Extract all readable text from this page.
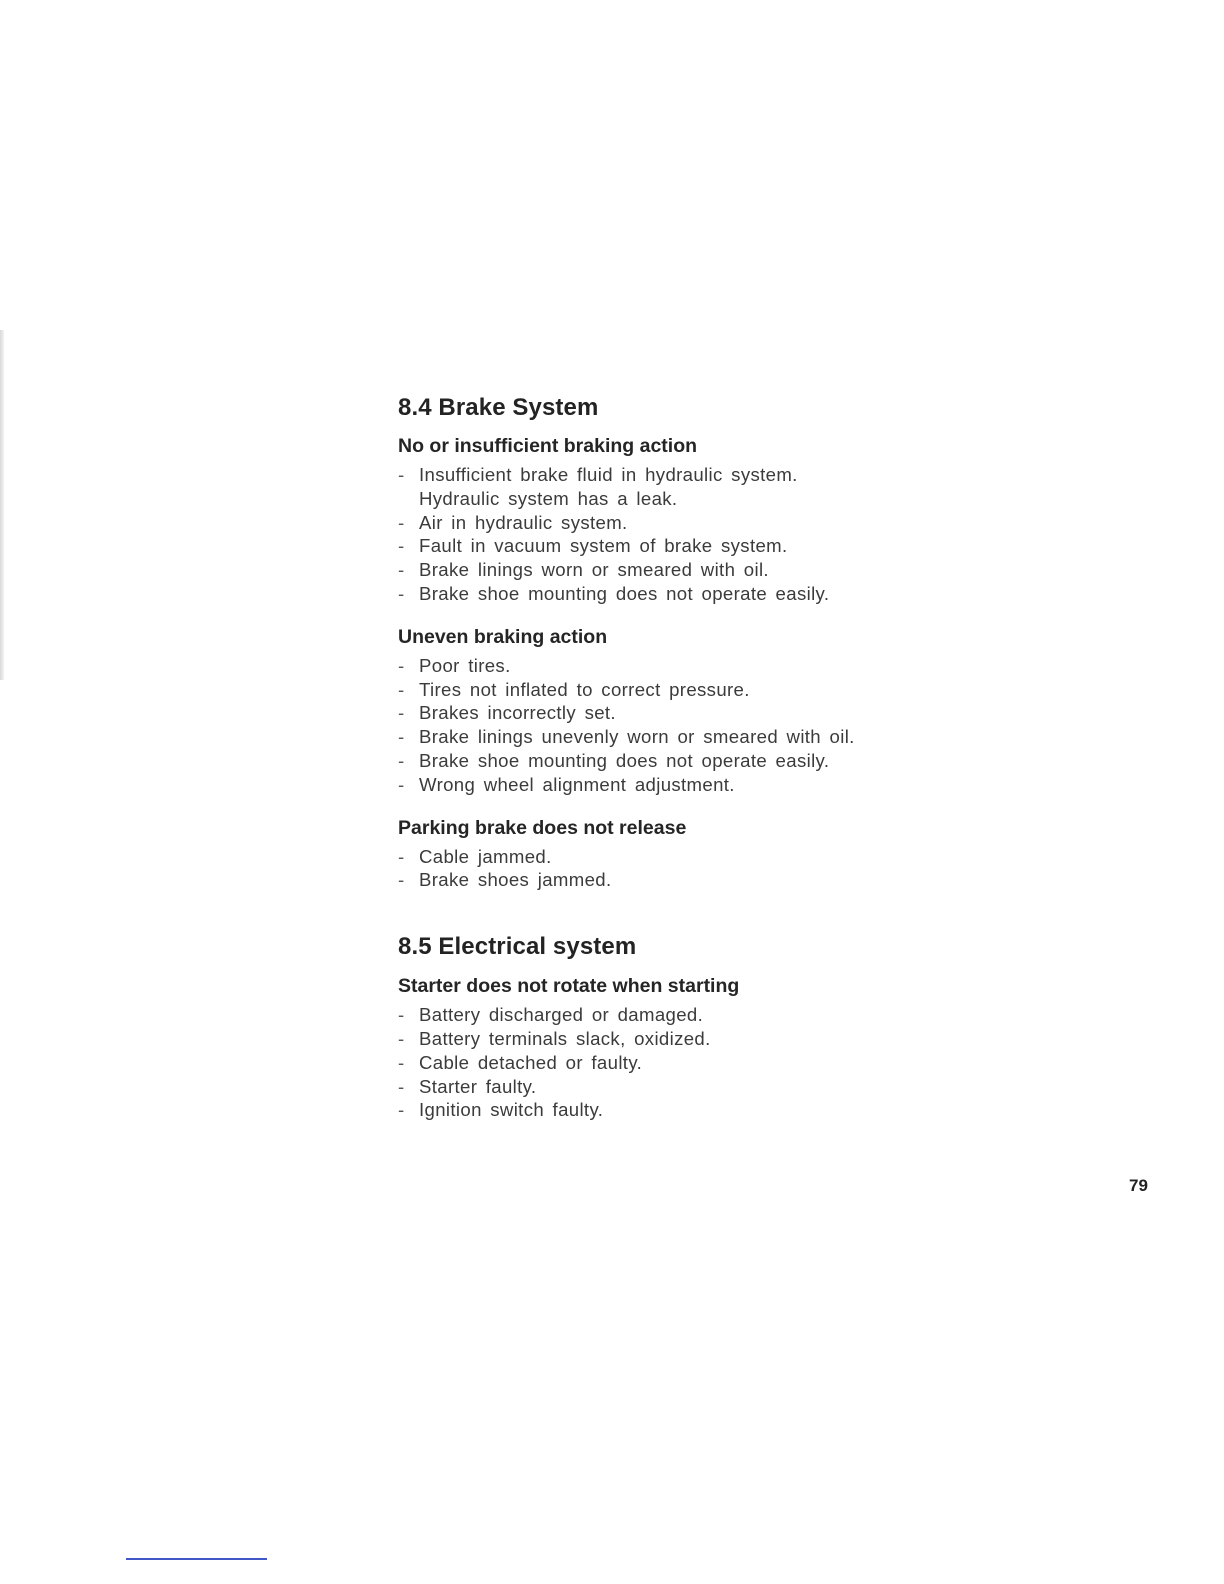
8.4 Brake System
No or insufficient braking action
- Insufficient brake fluid in hydraulic system.
Hydraulic system has a leak.
- Air in hydraulic system.
- Fault in vacuum system of brake system.
- Brake linings worn or smeared with oil.
- Brake shoe mounting does not operate easily.
Uneven braking action
- Poor tires.
- Tires not inflated to correct pressure.
- Brakes incorrectly set.
- Brake linings unevenly worn or smeared with oil.
- Brake shoe mounting does not operate easily.
- Wrong wheel alignment adjustment.
Parking brake does not release
- Cable jammed.
- Brake shoes jammed.
8.5 Electrical system
Starter does not rotate when starting
- Battery discharged or damaged.
- Battery terminals slack, oxidized.
- Cable detached or faulty.
- Starter faulty.
- Ignition switch faulty.
79
